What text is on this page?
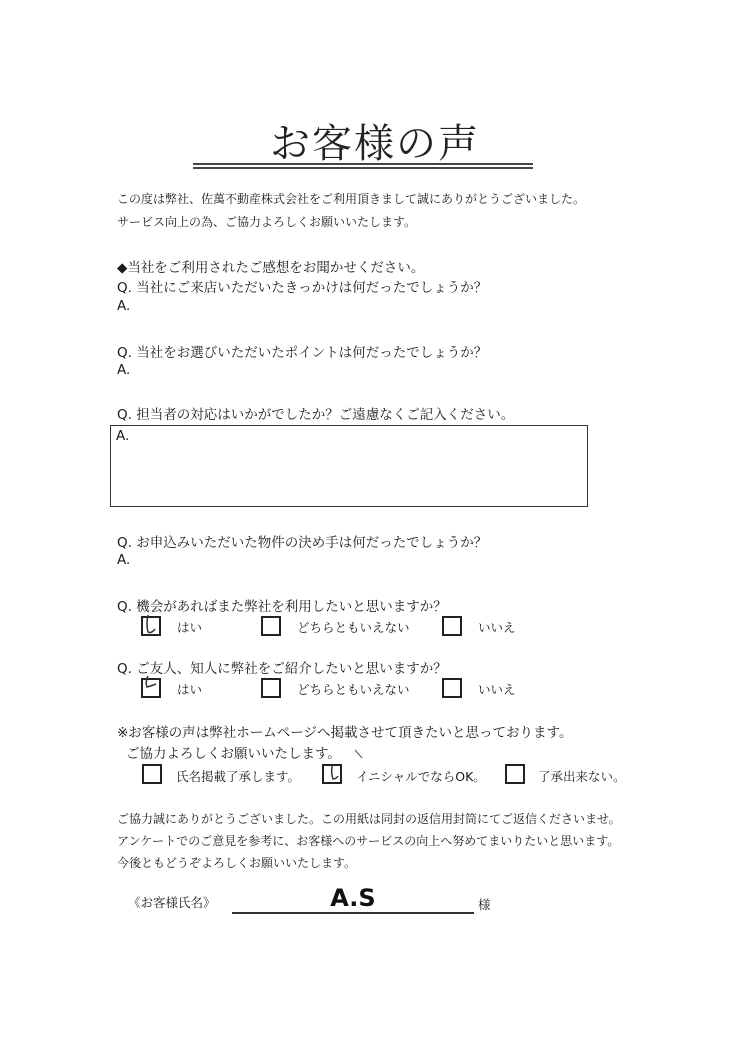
お客様の声
この度は弊社、佐萬不動産株式会社をご利用頂きまして誠にありがとうございました。
サービス向上の為、ご協力よろしくお願いいたします。
◆当社をご利用されたご感想をお聞かせください。
Q. 当社にご来店いただいたきっかけは何だったでしょうか？
A.
Q. 当社をお選びいただいたポイントは何だったでしょうか？
A.
Q. 担当者の対応はいかがでしたか？ご遠慮なくご記入ください。
A.
Q. お申込みいただいた物件の決め手は何だったでしょうか？
A.
Q. 機会があればまた弊社を利用したいと思いますか？
はい	どちらともいえない	いいえ
Q. ご友人、知人に弊社をご紹介したいと思いますか？
はい	どちらともいえない	いいえ
※お客様の声は弊社ホームページへ掲載させて頂きたいと思っております。
ご協力よろしくお願いいたします。
氏名掲載了承します。	イニシャルでならOK。	了承出来ない。
ご協力誠にありがとうございました。この用紙は同封の返信用封筒にてご返信くださいませ。
アンケートでのご意見を参考に、お客様へのサービスの向上へ努めてまいりたいと思います。
今後ともどうぞよろしくお願いいたします。
《お客様氏名》	A.S	様
